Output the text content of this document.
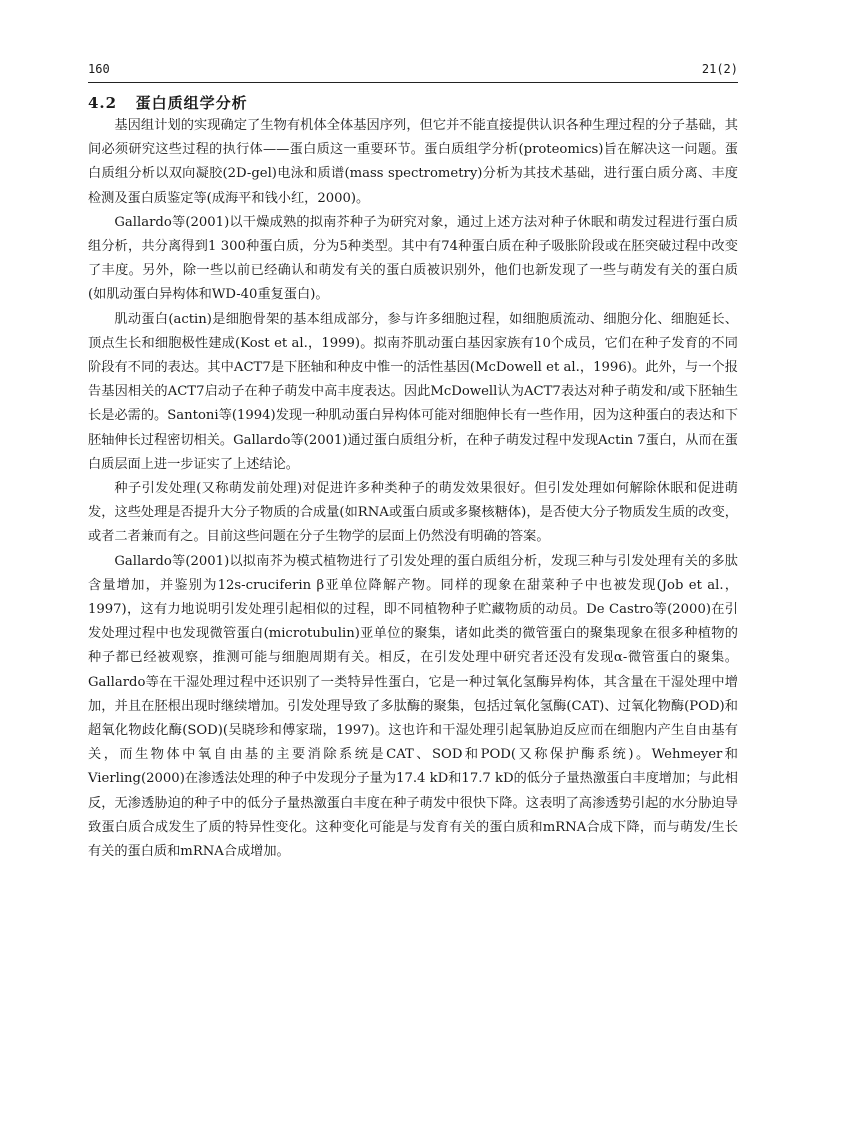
160	21(2)
4.2 蛋白质组学分析

基因组计划的实现确定了生物有机体全体基因序列，但它并不能直接提供认识各种生理过程的分子基础，其间必须研究这些过程的执行体——蛋白质这一重要环节。蛋白质组学分析(proteomics)旨在解决这一问题。蛋白质组分析以双向凝胶(2D-gel)电泳和质谱(mass spectrometry)分析为其技术基础，进行蛋白质分离、丰度检测及蛋白质鉴定等(成海平和钱小红，2000)。

Gallardo等(2001)以干燥成熟的拟南芥种子为研究对象，通过上述方法对种子休眠和萌发过程进行蛋白质组分析，共分离得到1 300种蛋白质，分为5种类型。其中有74种蛋白质在种子吸胀阶段或在胚突破过程中改变了丰度。另外，除一些以前已经确认和萌发有关的蛋白质被识别外，他们也新发现了一些与萌发有关的蛋白质(如肌动蛋白异构体和WD-40重复蛋白)。

肌动蛋白(actin)是细胞骨架的基本组成部分，参与许多细胞过程，如细胞质流动、细胞分化、细胞延长、顶点生长和细胞极性建成(Kost et al.，1999)。拟南芥肌动蛋白基因家族有10个成员，它们在种子发育的不同阶段有不同的表达。其中ACT7是下胚轴和种皮中惟一的活性基因(McDowell et al.，1996)。此外，与一个报告基因相关的ACT7启动子在种子萌发中高丰度表达。因此McDowell认为ACT7表达对种子萌发和/或下胚轴生长是必需的。Santoni等(1994)发现一种肌动蛋白异构体可能对细胞伸长有一些作用，因为这种蛋白的表达和下胚轴伸长过程密切相关。Gallardo等(2001)通过蛋白质组分析，在种子萌发过程中发现Actin 7蛋白，从而在蛋白质层面上进一步证实了上述结论。

种子引发处理(又称萌发前处理)对促进许多种类种子的萌发效果很好。但引发处理如何解除休眠和促进萌发，这些处理是否提升大分子物质的合成量(如RNA或蛋白质或多聚核糖体)，是否使大分子物质发生质的改变，或者二者兼而有之。目前这些问题在分子生物学的层面上仍然没有明确的答案。

Gallardo等(2001)以拟南芥为模式植物进行了引发处理的蛋白质组分析，发现三种与引发处理有关的多肽含量增加，并鉴别为12s-cruciferin β亚单位降解产物。同样的现象在甜菜种子中也被发现(Job et al.，1997)，这有力地说明引发处理引起相似的过程，即不同植物种子贮藏物质的动员。De Castro等(2000)在引发处理过程中也发现微管蛋白(microtubulin)亚单位的聚集，诸如此类的微管蛋白的聚集现象在很多种植物的种子都已经被观察，推测可能与细胞周期有关。相反，在引发处理中研究者还没有发现α-微管蛋白的聚集。Gallardo等在干湿处理过程中还识别了一类特异性蛋白，它是一种过氧化氢酶异构体，其含量在干湿处理中增加，并且在胚根出现时继续增加。引发处理导致了多肽酶的聚集，包括过氧化氢酶(CAT)、过氧化物酶(POD)和超氧化物歧化酶(SOD)(吴晓珍和傅家瑞，1997)。这也许和干湿处理引起氧胁迫反应而在细胞内产生自由基有关，而生物体中氧自由基的主要消除系统是CAT、SOD和POD(又称保护酶系统)。Wehmeyer和Vierling(2000)在渗透法处理的种子中发现分子量为17.4 kD和17.7 kD的低分子量热激蛋白丰度增加；与此相反，无渗透胁迫的种子中的低分子量热激蛋白丰度在种子萌发中很快下降。这表明了高渗透势引起的水分胁迫导致蛋白质合成发生了质的特异性变化。这种变化可能是与发育有关的蛋白质和mRNA合成下降，而与萌发/生长有关的蛋白质和mRNA合成增加。
